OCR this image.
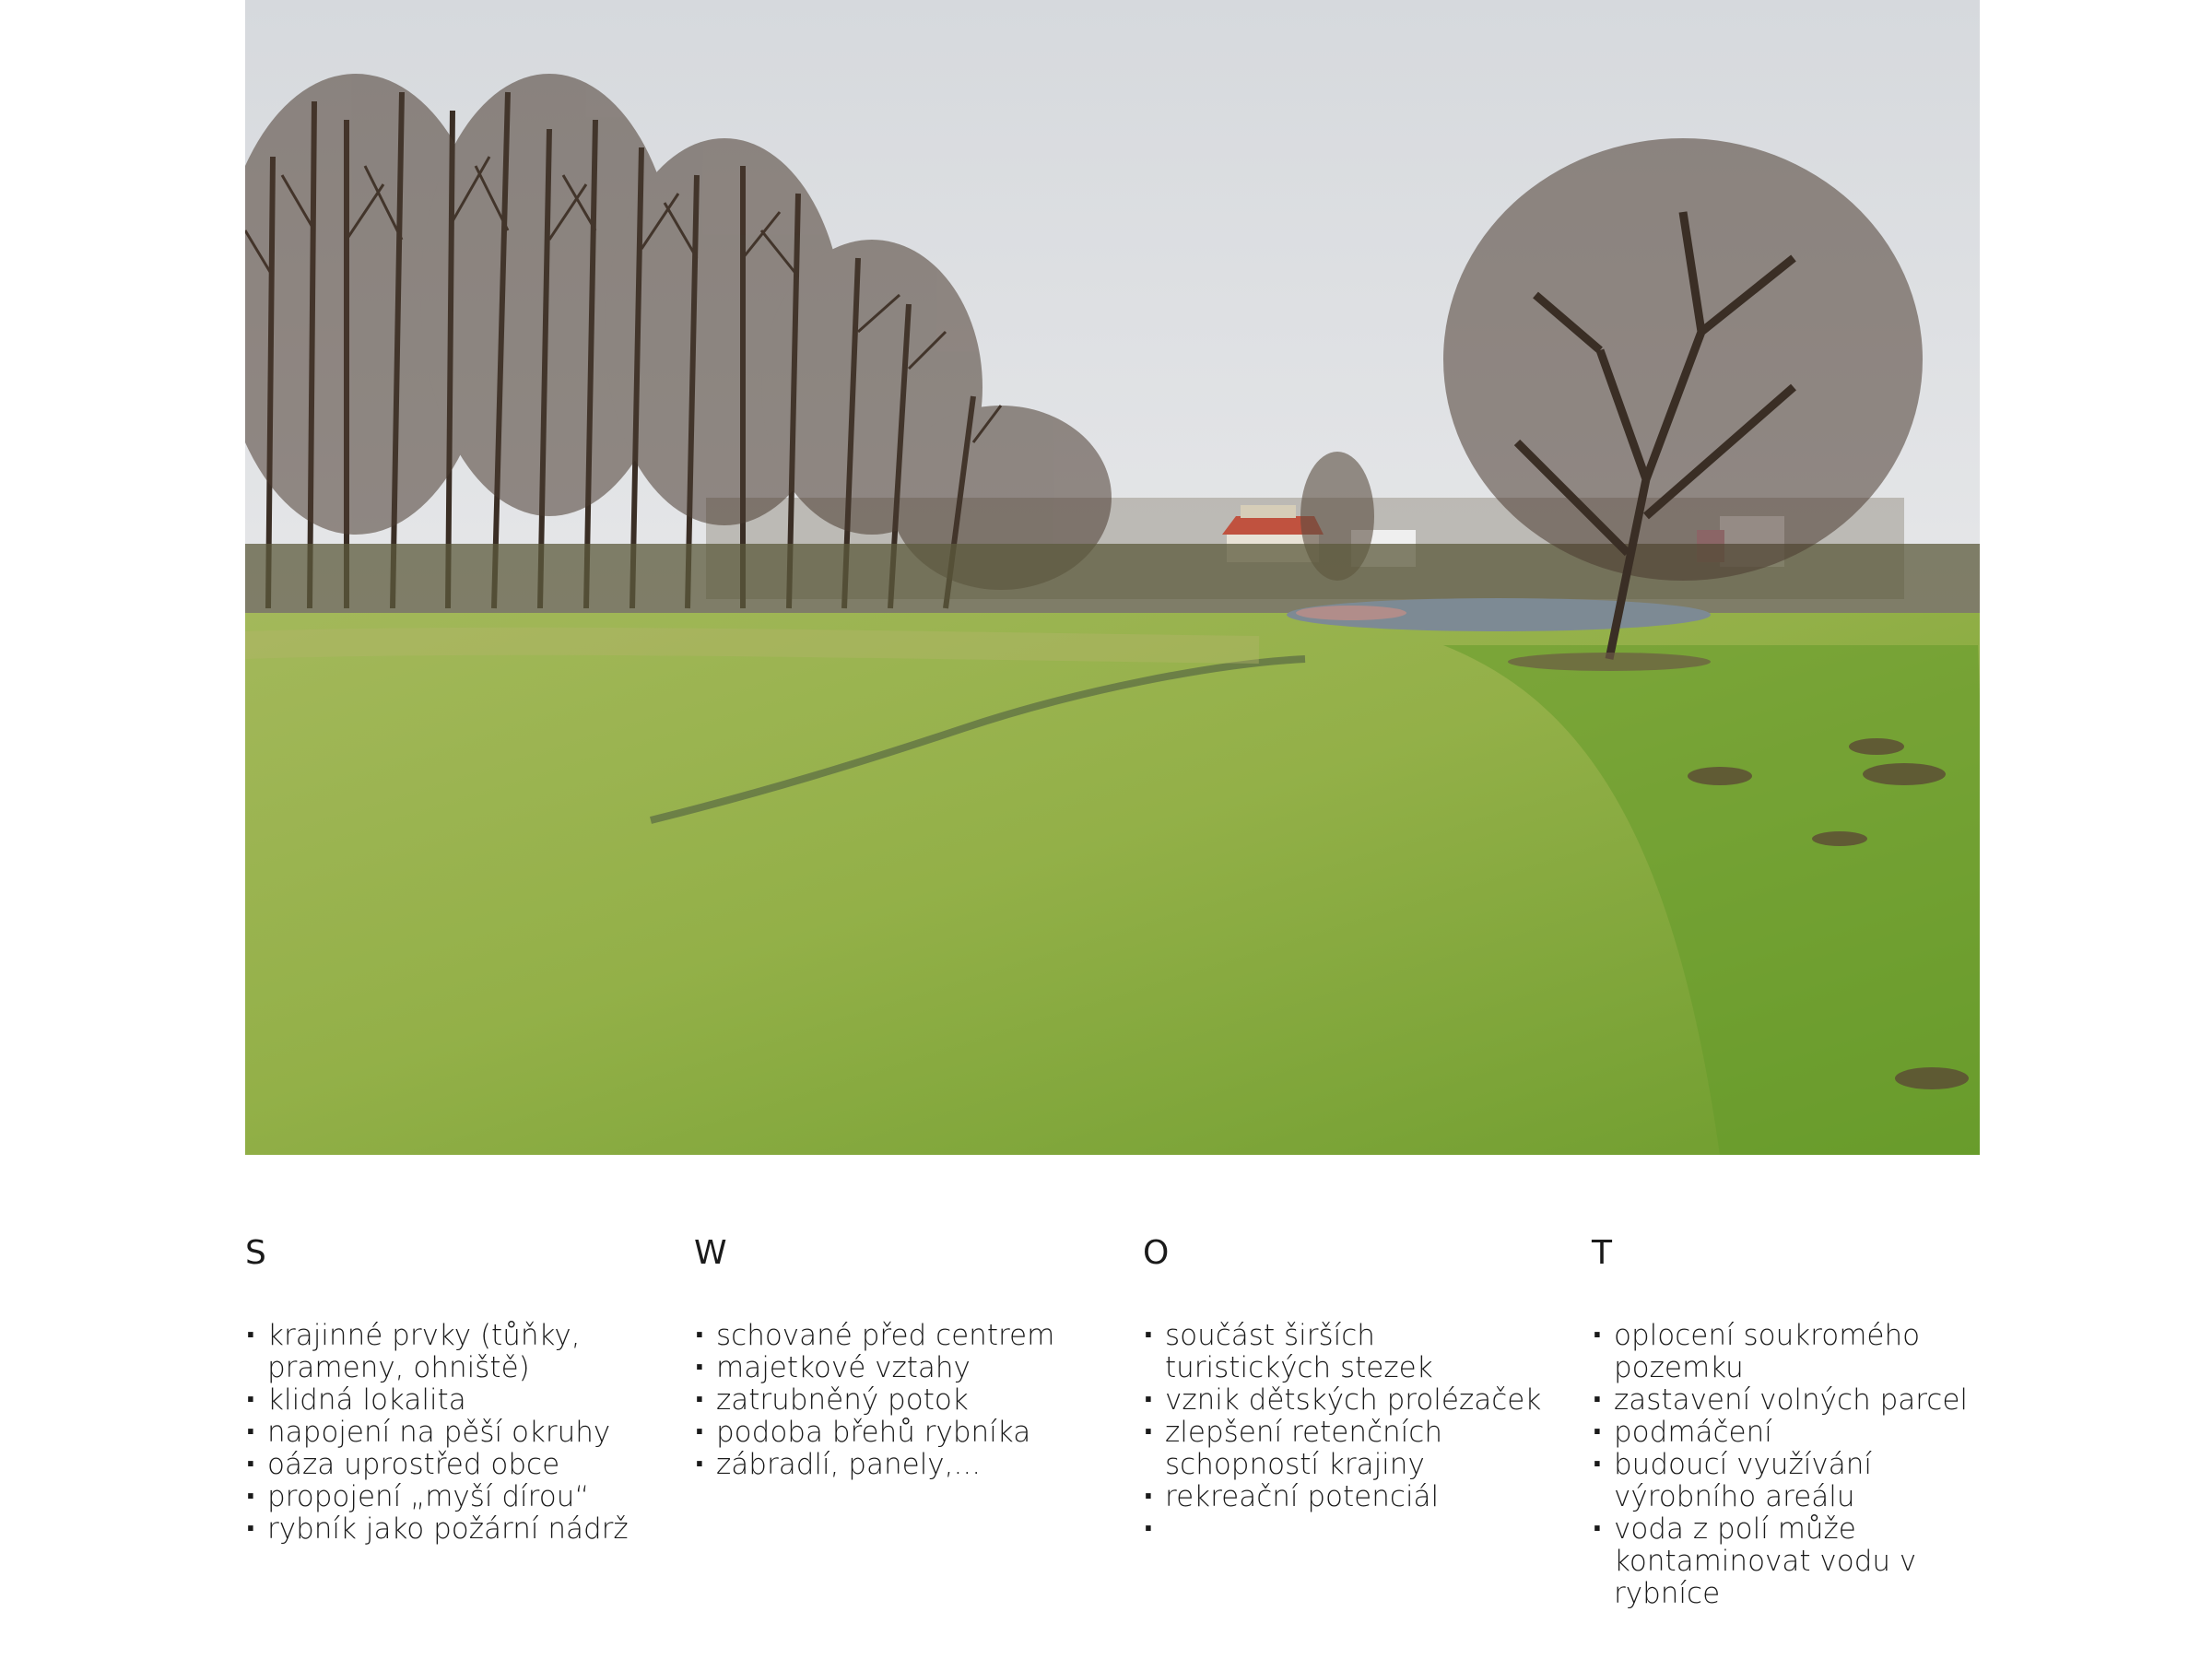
S
· krajinné prvky (tůňky, prameny, ohniště)
· klidná lokalita
· napojení na pěší okruhy
· oáza uprostřed obce
· propojení „myší dírou“
· rybník jako požární nádrž
W
· schované před centrem
· majetkové vztahy
· zatrubněný potok
· podoba břehů rybníka
· zábradlí, panely,...
O
· součást širších turistických stezek
· vznik dětských prolézaček
· zlepšení retenčních schopností krajiny
· rekreační potenciál
·
T
· oplocení soukromého pozemku
· zastavení volných parcel
· podmáčení
· budoucí využívání výrobního areálu
· voda z polí může kontaminovat vodu v rybníce
